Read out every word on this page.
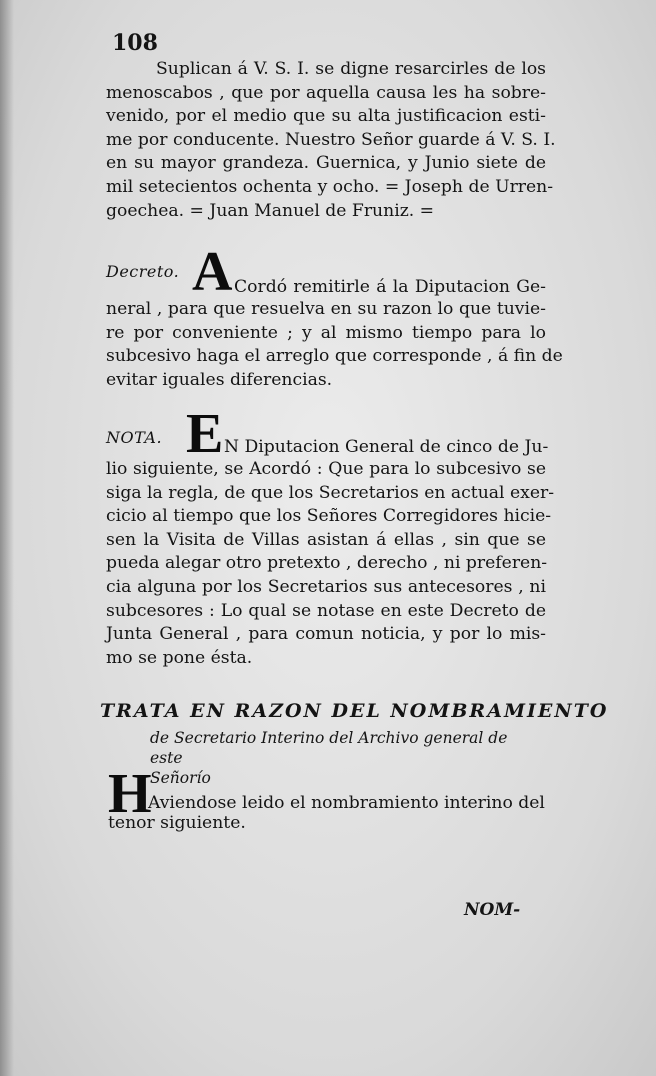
108
Suplican á V. S. I. se digne resarcirles de los
menoscabos , que por aquella causa les ha sobre-
venido, por el medio que su alta justificacion esti-
me por conducente. Nuestro Señor guarde á V. S. I.
en su mayor grandeza. Guernica, y Junio siete de
mil setecientos ochenta y ocho. = Joseph de Urren-
goechea. = Juan Manuel de Fruniz. =
Decreto. A Cordó remitirle á la Diputacion Ge-
neral , para que resuelva en su razon lo que tuvie-
re por conveniente ; y al mismo tiempo para lo
subcesivo haga el arreglo que corresponde , á fin de
evitar iguales diferencias.
NOTA. E N Diputacion General de cinco de Ju-
lio siguiente, se Acordó : Que para lo subcesivo se
siga la regla, de que los Secretarios en actual exer-
cicio al tiempo que los Señores Corregidores hicie-
sen la Visita de Villas asistan á ellas , sin que se
pueda alegar otro pretexto , derecho , ni preferen-
cia alguna por los Secretarios sus antecesores , ni
subcesores : Lo qual se notase en este Decreto de
Junta General , para comun noticia, y por lo mis-
mo se pone ésta.
TRATA EN RAZON DEL NOMBRAMIENTO
de Secretario Interino del Archivo general de este
Señorío
H
Aviendose leido el nombramiento interino del
tenor siguiente.
NOM-
